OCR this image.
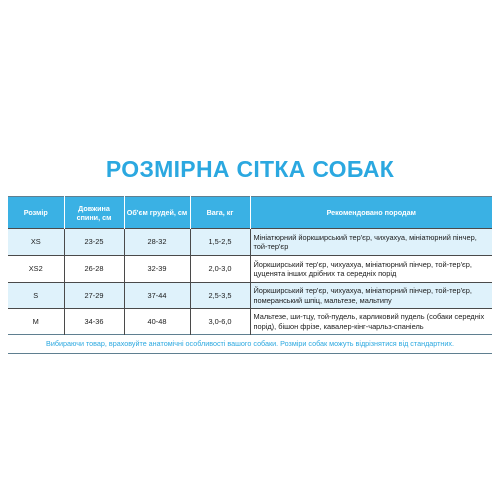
РОЗМІРНА СІТКА СОБАК
Розмір	Довжина спини, см	Об'єм грудей, см	Вага, кг	Рекомендовано породам
XS	23-25	28-32	1,5-2,5	Мініатюрний йоркширський тер'єр, чихуахуа, мініатюрний пінчер, той-тер'єр
XS2	26-28	32-39	2,0-3,0	Йоркширський тер'єр, чихуахуа, мініатюрний пінчер, той-тер'єр, цуценята інших дрібних та середніх порід
S	27-29	37-44	2,5-3,5	Йоркширський тер'єр, чихуахуа, мініатюрний пінчер, той-тер'єр, померанський шпіц, мальтезе, мальтипу
M	34-36	40-48	3,0-6,0	Мальтезе, ши-тцу, той-пудель, карликовий пудель (собаки середніх порід), бішон фрізе, кавалер-кінг-чарльз-спаніель
Вибираючи товар, враховуйте анатомічні особливості вашого собаки. Розміри собак можуть відрізнятися від стандартних.				
